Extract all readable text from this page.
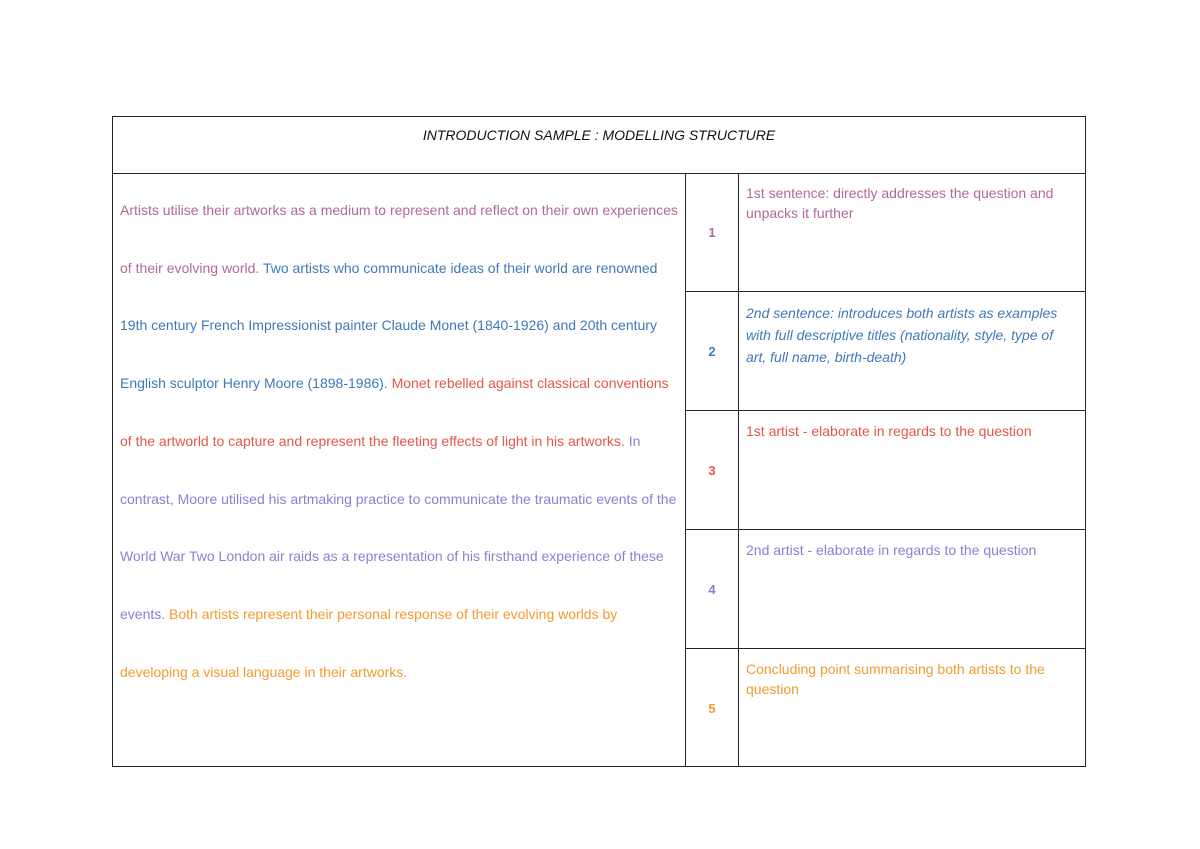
INTRODUCTION SAMPLE : MODELLING STRUCTURE
Artists utilise their artworks as a medium to represent and reflect on their own experiences of their evolving world. Two artists who communicate ideas of their world are renowned 19th century French Impressionist painter Claude Monet (1840-1926) and 20th century English sculptor Henry Moore (1898-1986). Monet rebelled against classical conventions of the artworld to capture and represent the fleeting effects of light in his artworks. In contrast, Moore utilised his artmaking practice to communicate the traumatic events of the World War Two London air raids as a representation of his firsthand experience of these events. Both artists represent their personal response of their evolving worlds by developing a visual language in their artworks.
1
2
3
4
5
1st sentence: directly addresses the question and unpacks it further
2nd sentence: introduces both artists as examples with full descriptive titles (nationality, style, type of art, full name, birth-death)
1st artist - elaborate in regards to the question
2nd artist - elaborate in regards to the question
Concluding point summarising both artists to the question
